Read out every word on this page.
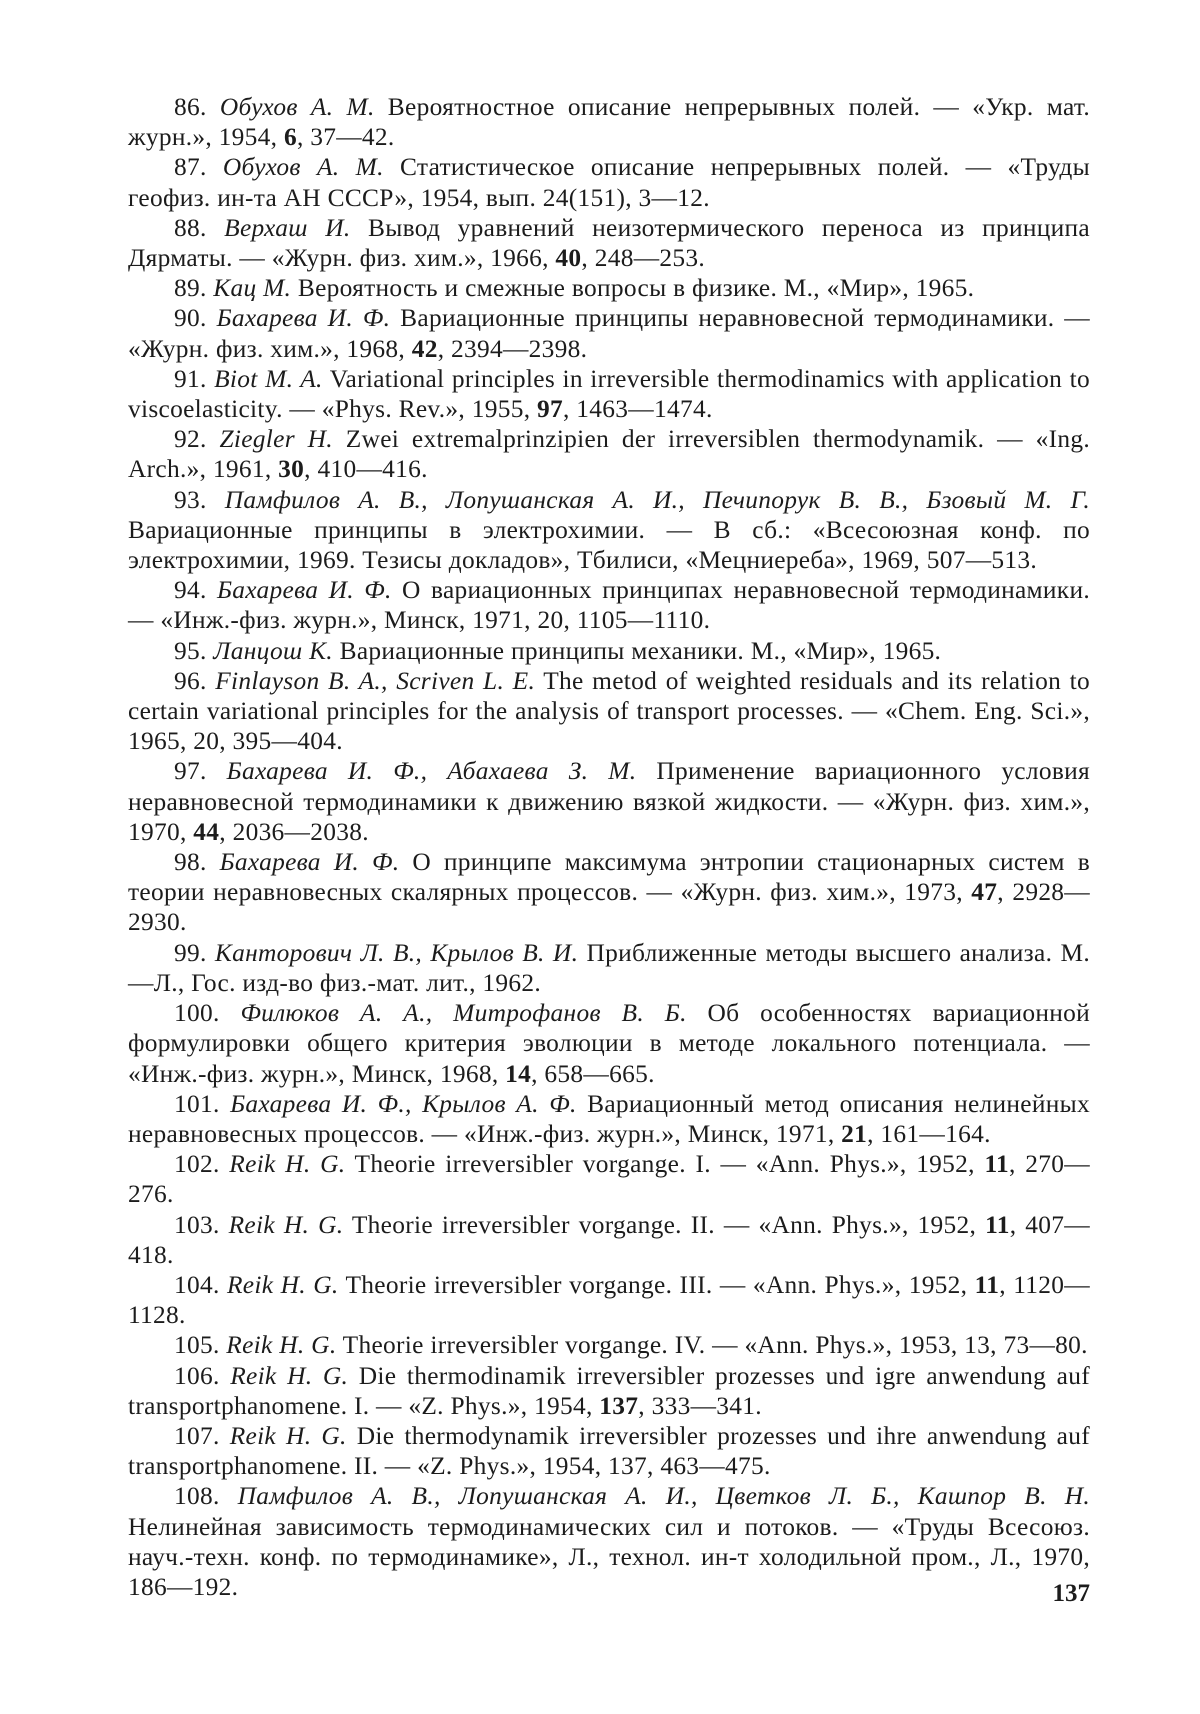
86. Обухов А. М. Вероятностное описание непрерывных полей. — «Укр. мат. журн.», 1954, 6, 37—42.

87. Обухов А. М. Статистическое описание непрерывных полей. — «Труды геофиз. ин-та АН СССР», 1954, вып. 24(151), 3—12.

88. Верхаш И. Вывод уравнений неизотермического переноса из принципа Дярматы. — «Журн. физ. хим.», 1966, 40, 248—253.

89. Кац М. Вероятность и смежные вопросы в физике. М., «Мир», 1965.

90. Бахарева И. Ф. Вариационные принципы неравновесной термодинамики. — «Журн. физ. хим.», 1968, 42, 2394—2398.

91. Biot M. A. Variational principles in irreversible thermodinamics with application to viscoelasticity. — «Phys. Rev.», 1955, 97, 1463—1474.

92. Ziegler H. Zwei extremalprinzipien der irreversiblen thermodynamik. — «Ing. Arch.», 1961, 30, 410—416.

93. Памфилов А. В., Лопушанская А. И., Печипорук В. В., Бзовый М. Г. Вариационные принципы в электрохимии. — В сб.: «Всесоюзная конф. по электрохимии, 1969. Тезисы докладов», Тбилиси, «Мецниереба», 1969, 507—513.

94. Бахарева И. Ф. О вариационных принципах неравновесной термодинамики. — «Инж.-физ. журн.», Минск, 1971, 20, 1105—1110.

95. Ланцош К. Вариационные принципы механики. М., «Мир», 1965.

96. Finlayson B. A., Scriven L. E. The metod of weighted residuals and its relation to certain variational principles for the analysis of transport processes. — «Chem. Eng. Sci.», 1965, 20, 395—404.

97. Бахарева И. Ф., Абахаева З. М. Применение вариационного условия неравновесной термодинамики к движению вязкой жидкости. — «Журн. физ. хим.», 1970, 44, 2036—2038.

98. Бахарева И. Ф. О принципе максимума энтропии стационарных систем в теории неравновесных скалярных процессов. — «Журн. физ. хим.», 1973, 47, 2928—2930.

99. Канторович Л. В., Крылов В. И. Приближенные методы высшего анализа. М.—Л., Гос. изд-во физ.-мат. лит., 1962.

100. Филюков А. А., Митрофанов В. Б. Об особенностях вариационной формулировки общего критерия эволюции в методе локального потенциала. — «Инж.-физ. журн.», Минск, 1968, 14, 658—665.

101. Бахарева И. Ф., Крылов А. Ф. Вариационный метод описания нелинейных неравновесных процессов. — «Инж.-физ. журн.», Минск, 1971, 21, 161—164.

102. Reik H. G. Theorie irreversibler vorgange. I. — «Ann. Phys.», 1952, 11, 270—276.

103. Reik H. G. Theorie irreversibler vorgange. II. — «Ann. Phys.», 1952, 11, 407—418.

104. Reik H. G. Theorie irreversibler vorgange. III. — «Ann. Phys.», 1952, 11, 1120—1128.

105. Reik H. G. Theorie irreversibler vorgange. IV. — «Ann. Phys.», 1953, 13, 73—80.

106. Reik H. G. Die thermodinamik irreversibler prozesses und igre anwendung auf transportphanomene. I. — «Z. Phys.», 1954, 137, 333—341.

107. Reik H. G. Die thermodynamik irreversibler prozesses und ihre anwendung auf transportphanomene. II. — «Z. Phys.», 1954, 137, 463—475.

108. Памфилов А. В., Лопушанская А. И., Цветков Л. Б., Кашпор В. Н. Нелинейная зависимость термодинамических сил и потоков. — «Труды Всесоюз. науч.-техн. конф. по термодинамике», Л., технол. ин-т холодильной пром., Л., 1970, 186—192.	137
